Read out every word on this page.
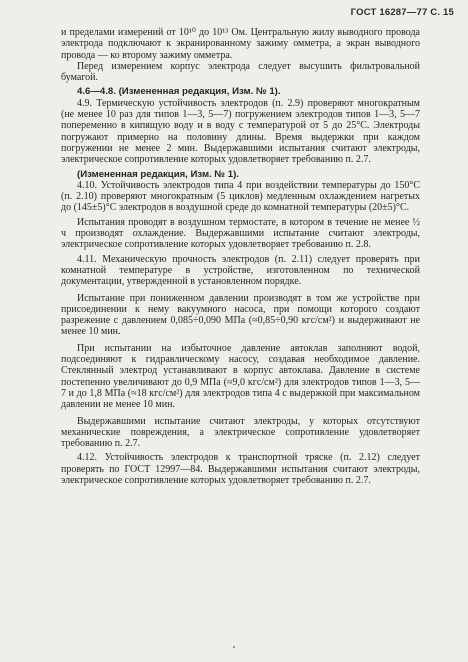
ГОСТ 16287—77 С. 15

и пределами измерений от 10¹⁰ до 10¹³ Ом. Центральную жилу выводного провода электрода подключают к экранированному зажиму омметра, а экран выводного провода — ко второму зажиму омметра.

Перед измерением корпус электрода следует высушить фильтровальной бумагой.

4.6—4.8. (Измененная редакция, Изм. № 1).

4.9. Термическую устойчивость электродов (п. 2.9) проверяют многократным (не менее 10 раз для типов 1—3, 5—7) погружением электродов типов 1—3, 5—7 попеременно в кипящую воду и в воду с температурой от 5 до 25°С. Электроды погружают примерно на половину длины. Время выдержки при каждом погружении не менее 2 мин. Выдержавшими испытания считают электроды, электрическое сопротивление которых удовлетворяет требованию п. 2.7.

(Измененная редакция, Изм. № 1).

4.10. Устойчивость электродов типа 4 при воздействии температуры до 150°С (п. 2.10) проверяют многократным (5 циклов) медленным охлаждением нагретых до (145±5)°С электродов в воздушной среде до комнатной температуры (20±5)°С.

Испытания проводят в воздушном термостате, в котором в течение не менее ½ ч производят охлаждение. Выдержавшими испытание считают электроды, электрическое сопротивление которых удовлетворяет требованию п. 2.8.

4.11. Механическую прочность электродов (п. 2.11) следует проверять при комнатной температуре в устройстве, изготовленном по технической документации, утвержденной в установленном порядке.

Испытание при пониженном давлении производят в том же устройстве при присоединении к нему вакуумного насоса, при помощи которого создают разрежение с давлением 0,085÷0,090 МПа (≈0,85÷0,90 кгс/см²) и выдерживают не менее 10 мин.

При испытании на избыточное давление автоклав заполняют водой, подсоединяют к гидравлическому насосу, создавая необходимое давление. Стеклянный электрод устанавливают в корпус автоклава. Давление в системе постепенно увеличивают до 0,9 МПа (≈9,0 кгс/см²) для электродов типов 1—3, 5—7 и до 1,8 МПа (≈18 кгс/см²) для электродов типа 4 с выдержкой при максимальном давлении не менее 10 мин.

Выдержавшими испытание считают электроды, у которых отсутствуют механические повреждения, а электрическое сопротивление удовлетворяет требованию п. 2.7.

4.12. Устойчивость электродов к транспортной тряске (п. 2.12) следует проверять по ГОСТ 12997—84. Выдержавшими испытания считают электроды, электрическое сопротивление которых удовлетворяет требованию п. 2.7.
